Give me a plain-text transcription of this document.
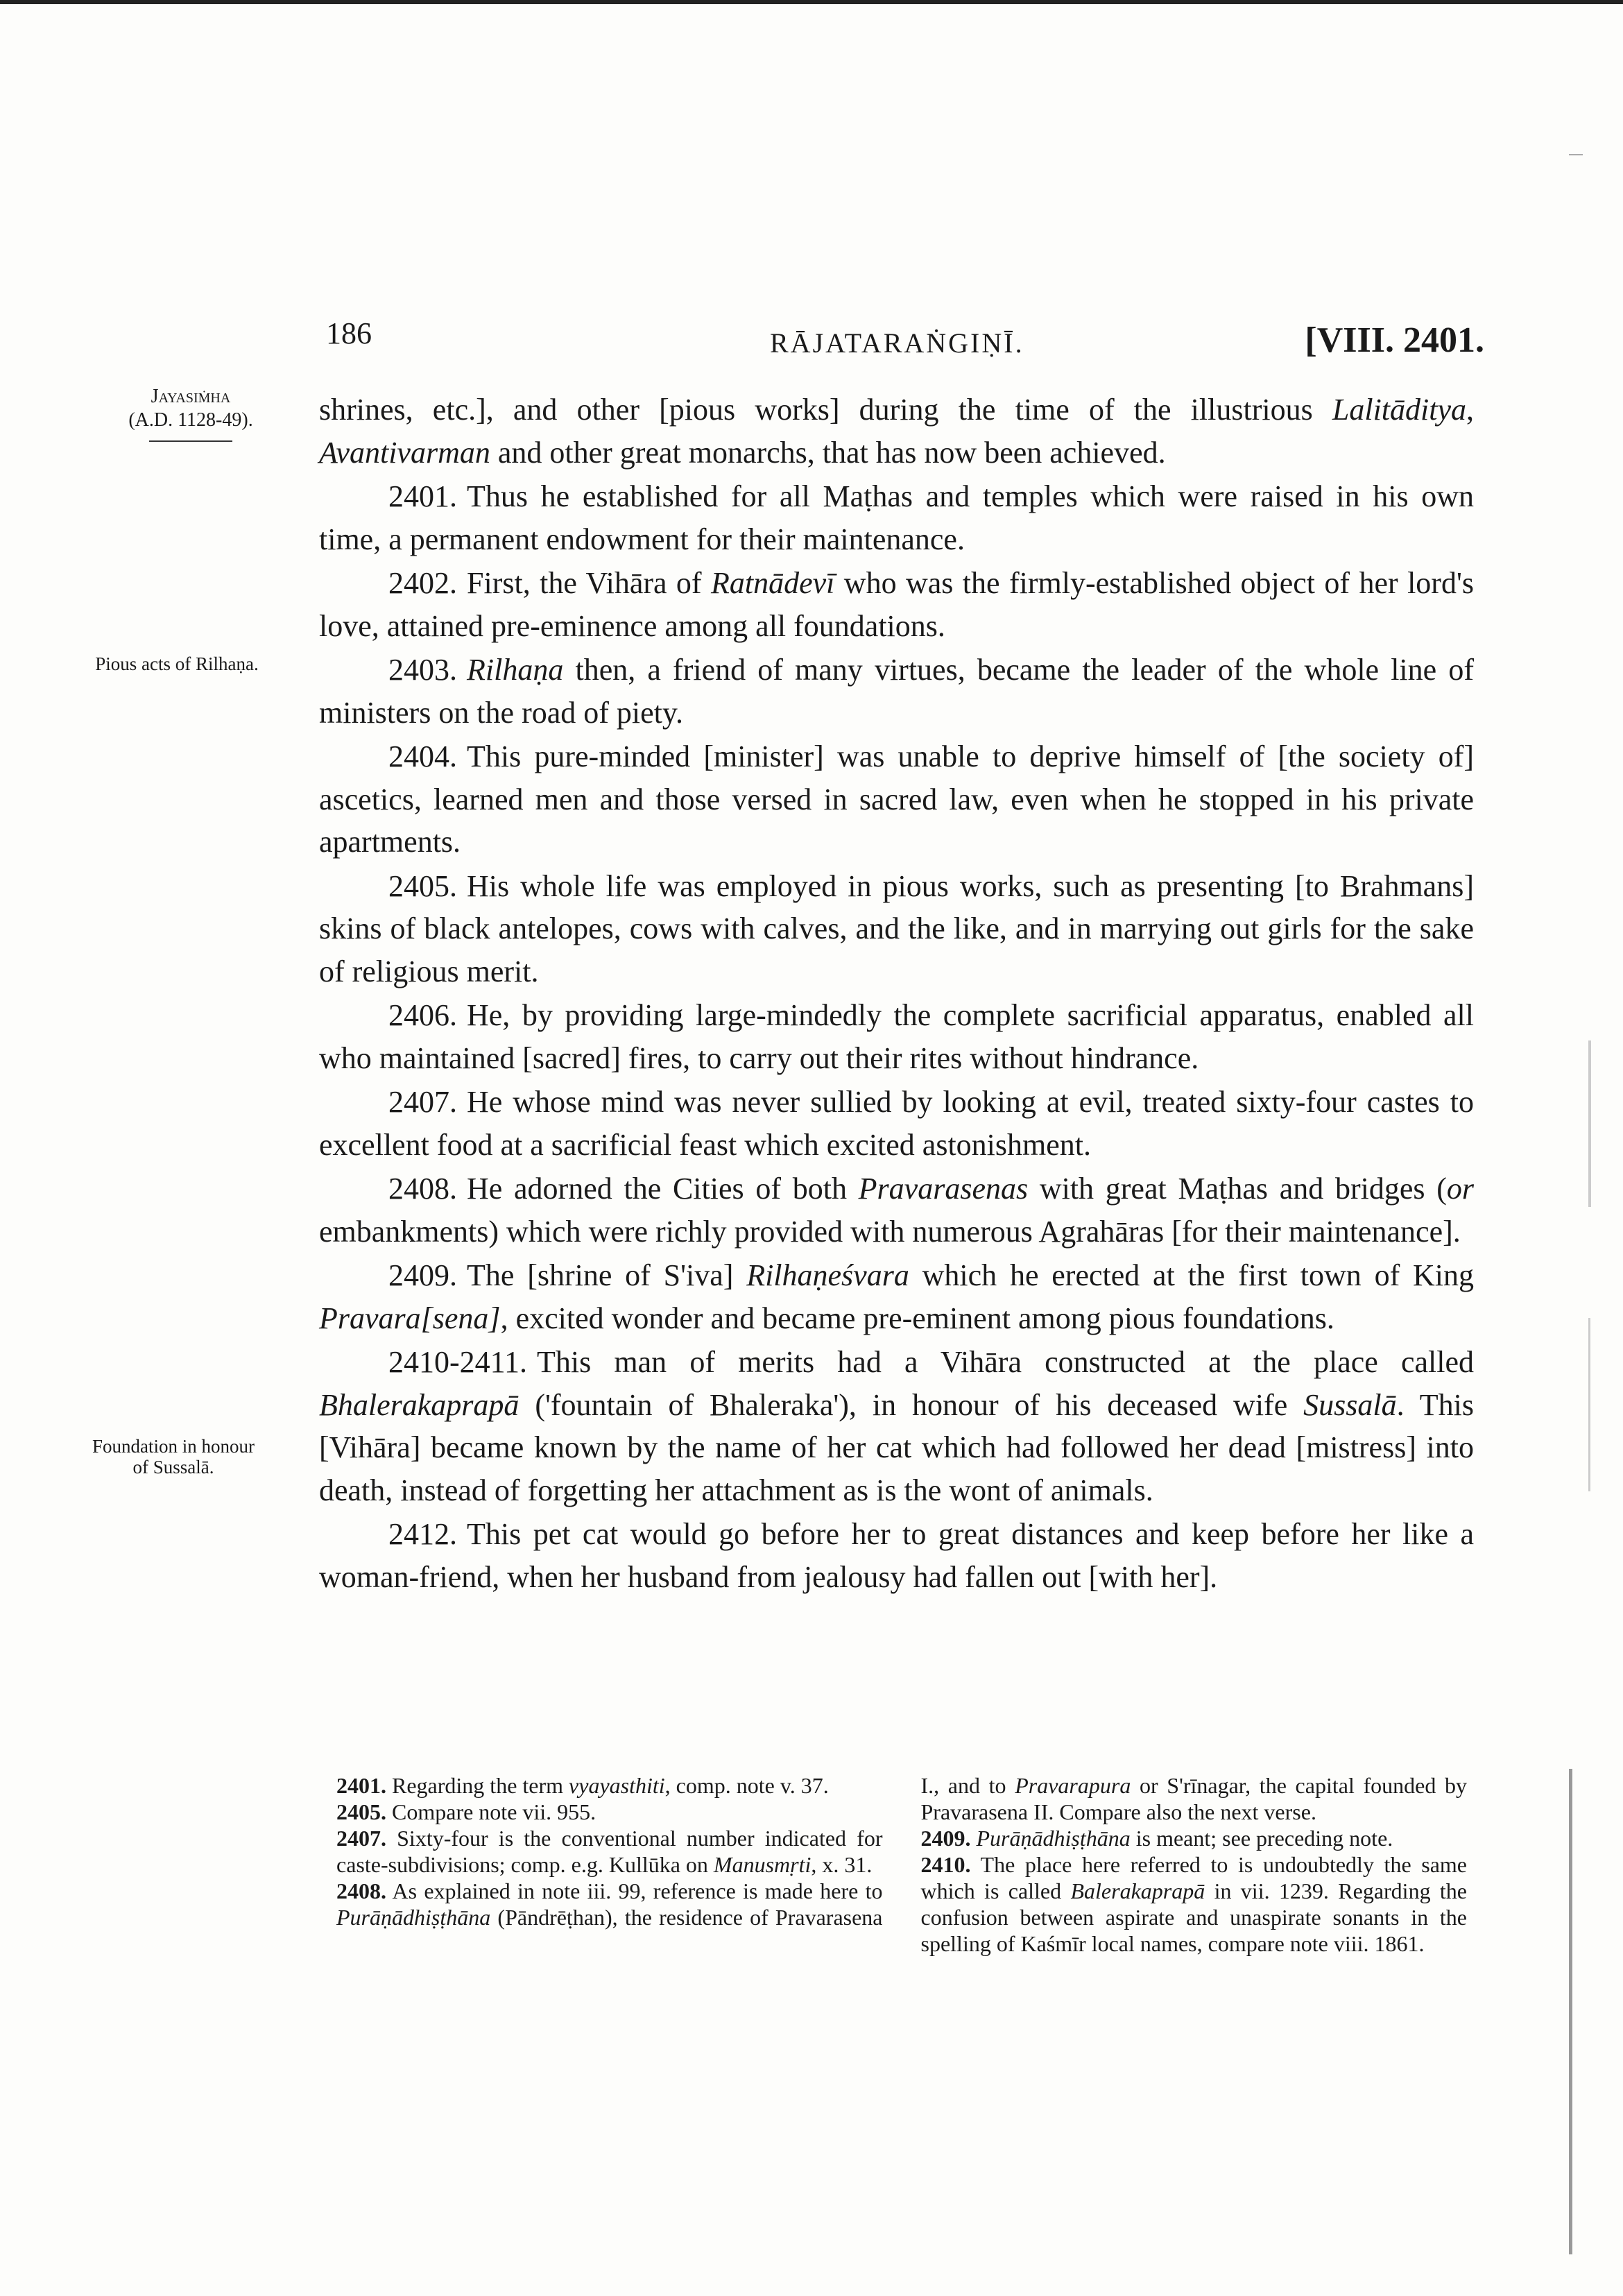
186	RĀJATARAṄGIṆĪ.	[VIII. 2401.
Jayasiṁha
(A.D. 1128-49).
Pious acts of Rilhaṇa.
Foundation in honour
of Sussalā.

shrines, etc.], and other [pious works] during the time of the illustrious Lalitāditya, Avantivarman and other great monarchs, that has now been achieved.

2401. Thus he established for all Maṭhas and temples which were raised in his own time, a permanent endowment for their maintenance.

2402. First, the Vihāra of Ratnādevī who was the firmly-established object of her lord's love, attained pre-eminence among all foundations.

2403. Rilhaṇa then, a friend of many virtues, became the leader of the whole line of ministers on the road of piety.

2404. This pure-minded [minister] was unable to deprive himself of [the society of] ascetics, learned men and those versed in sacred law, even when he stopped in his private apartments.

2405. His whole life was employed in pious works, such as presenting [to Brahmans] skins of black antelopes, cows with calves, and the like, and in marrying out girls for the sake of religious merit.

2406. He, by providing large-mindedly the complete sacrificial apparatus, enabled all who maintained [sacred] fires, to carry out their rites without hindrance.

2407. He whose mind was never sullied by looking at evil, treated sixty-four castes to excellent food at a sacrificial feast which excited astonishment.

2408. He adorned the Cities of both Pravarasenas with great Maṭhas and bridges (or embankments) which were richly provided with numerous Agrahāras [for their maintenance].

2409. The [shrine of S'iva] Rilhaṇeśvara which he erected at the first town of King Pravara[sena], excited wonder and became pre-eminent among pious foundations.

2410-2411. This man of merits had a Vihāra constructed at the place called Bhalerakaprapā ('fountain of Bhaleraka'), in honour of his deceased wife Sussalā. This [Vihāra] became known by the name of her cat which had followed her dead [mistress] into death, instead of forgetting her attachment as is the wont of animals.

2412. This pet cat would go before her to great distances and keep before her like a woman-friend, when her husband from jealousy had fallen out [with her].

2401. Regarding the term vyayasthiti, comp. note v. 37.

2405. Compare note vii. 955.

2407. Sixty-four is the conventional number indicated for caste-subdivisions; comp. e.g. Kullūka on Manusmṛti, x. 31.

2408. As explained in note iii. 99, reference is made here to Purāṇādhiṣṭhāna (Pāndrēṭhan), the residence of Pravarasena I., and to Pravarapura or S'rīnagar, the capital founded by Pravarasena II. Compare also the next verse.

2409. Purāṇādhiṣṭhāna is meant; see preceding note.

2410. The place here referred to is undoubtedly the same which is called Balerakaprapā in vii. 1239. Regarding the confusion between aspirate and unaspirate sonants in the spelling of Kaśmīr local names, compare note viii. 1861.
